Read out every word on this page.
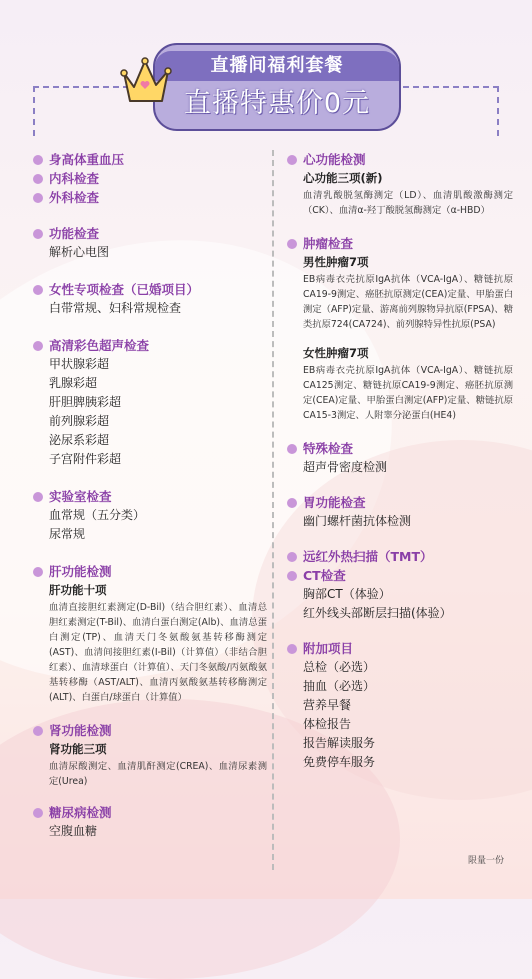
直播间福利套餐
直播特惠价0元
身高体重血压
内科检查
外科检查
功能检查
解析心电图
女性专项检查（已婚项目）
白带常规、妇科常规检查
高清彩色超声检查
甲状腺彩超
乳腺彩超
肝胆脾胰彩超
前列腺彩超
泌尿系彩超
子宫附件彩超
实验室检查
血常规（五分类）
尿常规
肝功能检测
肝功能十项
血清直接胆红素测定(D-Bil)（结合胆红素）、血清总胆红素测定(T-Bil)、血清白蛋白测定(Alb)、血清总蛋白测定(TP)、血清天门冬氨酸氨基转移酶测定(AST)、血清间接胆红素(I-Bil)（计算值）（非结合胆红素）、血清球蛋白（计算值）、天门冬氨酸/丙氨酸氨基转移酶（AST/ALT)、血清丙氨酸氨基转移酶测定(ALT)、白蛋白/球蛋白（计算值）
肾功能检测
肾功能三项
血清尿酸测定、血清肌酐测定(CREA)、血清尿素测定(Urea)
糖尿病检测
空腹血糖
心功能检测
心功能三项(新)
血清乳酸脱氢酶测定（LD）、血清肌酸激酶测定（CK）、血清α-羟丁酸脱氢酶测定（α-HBD）
肿瘤检查
男性肿瘤7项
EB病毒衣壳抗原IgA抗体（VCA-IgA）、糖链抗原CA19-9测定、癌胚抗原测定(CEA)定量、甲胎蛋白测定（AFP)定量、游离前列腺物异抗原(FPSA)、糖类抗原724(CA724)、前列腺特异性抗原(PSA)
女性肿瘤7项
EB病毒衣壳抗原IgA抗体（VCA-IgA）、糖链抗原CA125测定、糖链抗原CA19-9测定、癌胚抗原测定(CEA)定量、甲胎蛋白测定(AFP)定量、糖链抗原CA15-3测定、人附睾分泌蛋白(HE4)
特殊检查
超声骨密度检测
胃功能检查
幽门螺杆菌抗体检测
远红外热扫描（TMT）
CT检查
胸部CT（体验）
红外线头部断层扫描(体验）
附加项目
总检（必选）
抽血（必选）
营养早餐
体检报告
报告解读服务
免费停车服务
限量一份
